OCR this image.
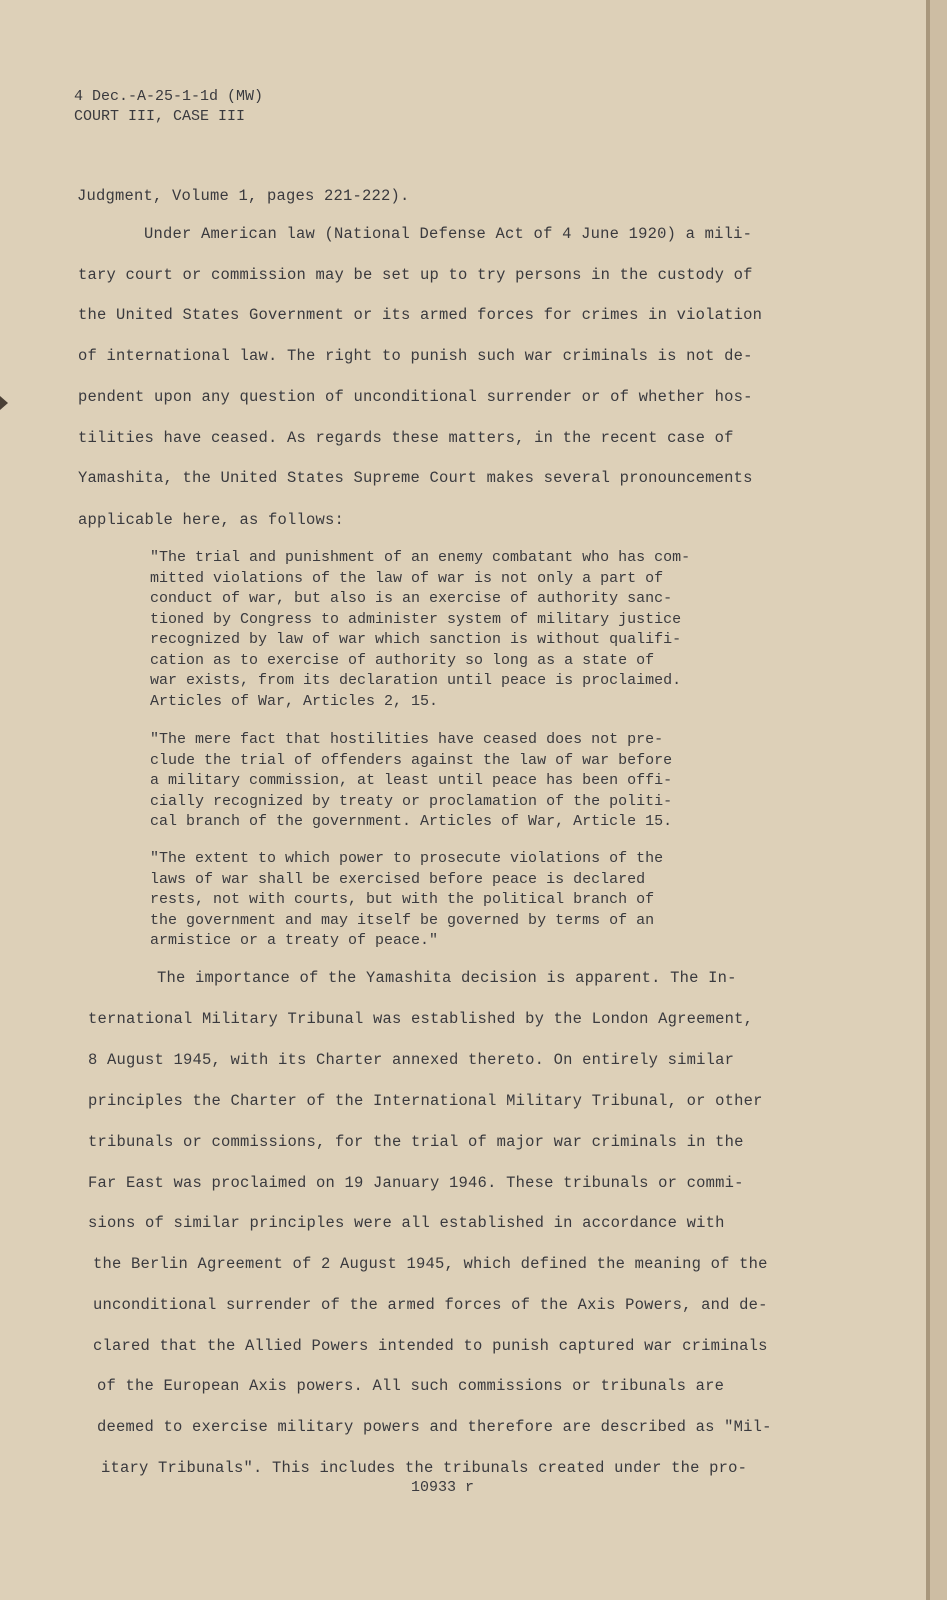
4 Dec.-A-25-1-1d (MW)
COURT III, CASE III
Judgment, Volume 1, pages 221-222).
Under American law (National Defense Act of 4 June 1920) a mili-
tary court or commission may be set up to try persons in the custody of
the United States Government or its armed forces for crimes in violation
of international law. The right to punish such war criminals is not de-
pendent upon any question of unconditional surrender or of whether hos-
tilities have ceased. As regards these matters, in the recent case of
Yamashita, the United States Supreme Court makes several pronouncements
applicable here, as follows:
"The trial and punishment of an enemy combatant who has com-
mitted violations of the law of war is not only a part of
conduct of war, but also is an exercise of authority sanc-
tioned by Congress to administer system of military justice
recognized by law of war which sanction is without qualifi-
cation as to exercise of authority so long as a state of
war exists, from its declaration until peace is proclaimed.
Articles of War, Articles 2, 15.
"The mere fact that hostilities have ceased does not pre-
clude the trial of offenders against the law of war before
a military commission, at least until peace has been offi-
cially recognized by treaty or proclamation of the politi-
cal branch of the government. Articles of War, Article 15.
"The extent to which power to prosecute violations of the
laws of war shall be exercised before peace is declared
rests, not with courts, but with the political branch of
the government and may itself be governed by terms of an
armistice or a treaty of peace."
The importance of the Yamashita decision is apparent. The In-
ternational Military Tribunal was established by the London Agreement,
8 August 1945, with its Charter annexed thereto. On entirely similar
principles the Charter of the International Military Tribunal, or other
tribunals or commissions, for the trial of major war criminals in the
Far East was proclaimed on 19 January 1946. These tribunals or commi-
sions of similar principles were all established in accordance with
the Berlin Agreement of 2 August 1945, which defined the meaning of the
unconditional surrender of the armed forces of the Axis Powers, and de-
clared that the Allied Powers intended to punish captured war criminals
of the European Axis powers. All such commissions or tribunals are
deemed to exercise military powers and therefore are described as "Mil-
itary Tribunals". This includes the tribunals created under the pro-
10933 r
